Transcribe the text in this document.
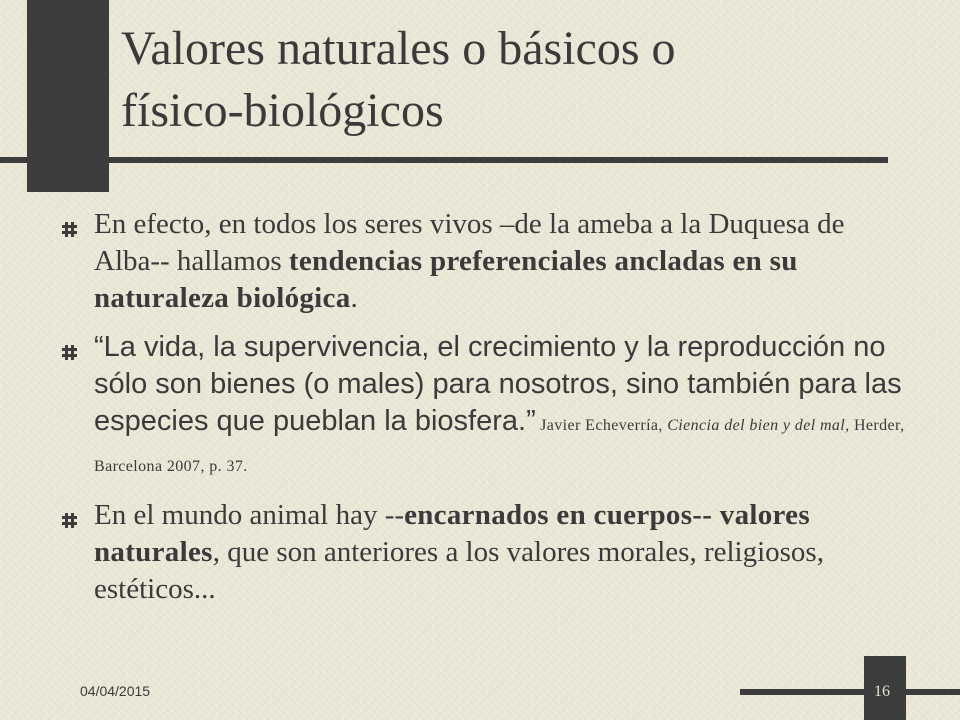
Valores naturales o básicos o
físico-biológicos
En efecto, en todos los seres vivos –de la ameba a la Duquesa de Alba-- hallamos tendencias preferenciales ancladas en su naturaleza biológica.
“La vida, la supervivencia, el crecimiento y la reproducción no sólo son bienes (o males) para nosotros, sino también para las especies que pueblan la biosfera.” Javier Echeverría, Ciencia del bien y del mal, Herder, Barcelona 2007, p. 37.
En el mundo animal hay --encarnados en cuerpos-- valores naturales, que son anteriores a los valores morales, religiosos, estéticos...
04/04/2015	16
